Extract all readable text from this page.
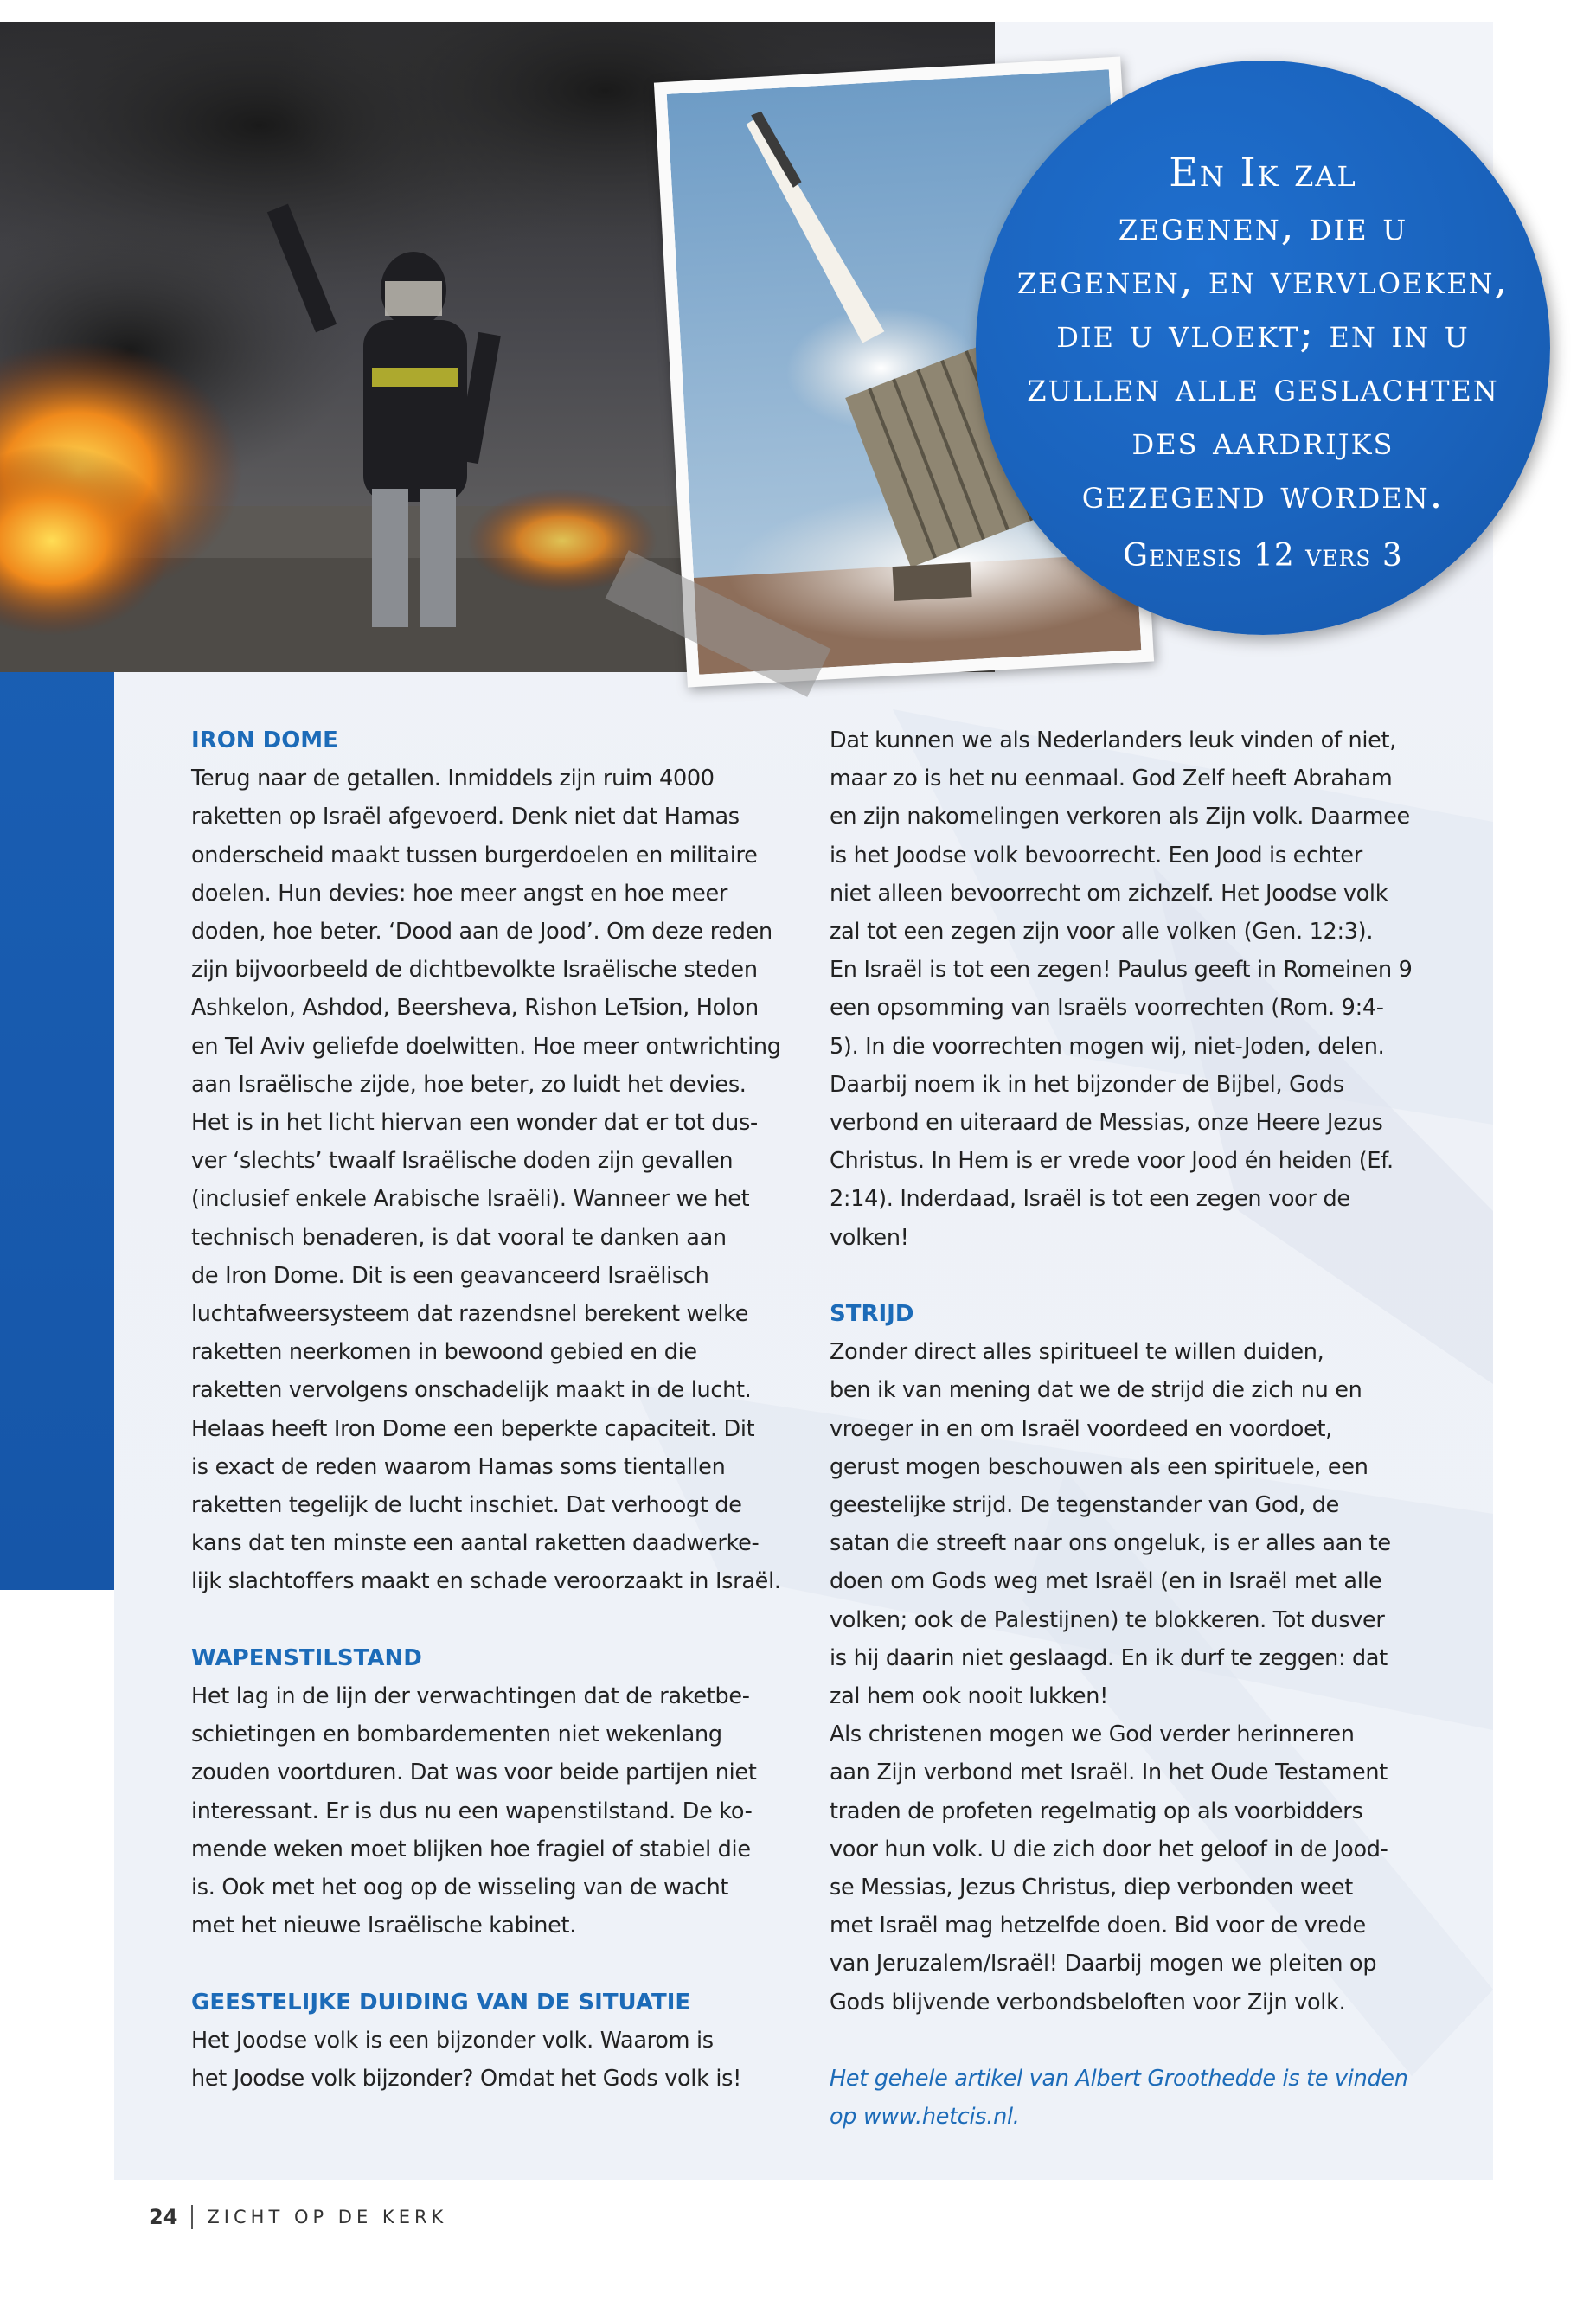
En Ik zal
zegenen, die u
zegenen, en vervloeken,
die u vloekt; en in u
zullen alle geslachten
des aardrijks
gezegend worden.
Genesis 12 vers 3
IRON DOME

Terug naar de getallen. Inmiddels zijn ruim 4000
raketten op Israël afgevoerd. Denk niet dat Hamas
onderscheid maakt tussen burgerdoelen en militaire
doelen. Hun devies: hoe meer angst en hoe meer
doden, hoe beter. ‘Dood aan de Jood’. Om deze reden
zijn bijvoorbeeld de dichtbevolkte Israëlische steden
Ashkelon, Ashdod, Beersheva, Rishon LeTsion, Holon
en Tel Aviv geliefde doelwitten. Hoe meer ontwrichting
aan Israëlische zijde, hoe beter, zo luidt het devies.
Het is in het licht hiervan een wonder dat er tot dus-
ver ‘slechts’ twaalf Israëlische doden zijn gevallen
(inclusief enkele Arabische Israëli). Wanneer we het
technisch benaderen, is dat vooral te danken aan
de Iron Dome. Dit is een geavanceerd Israëlisch
luchtafweersysteem dat razendsnel berekent welke
raketten neerkomen in bewoond gebied en die
raketten vervolgens onschadelijk maakt in de lucht.
Helaas heeft Iron Dome een beperkte capaciteit. Dit
is exact de reden waarom Hamas soms tientallen
raketten tegelijk de lucht inschiet. Dat verhoogt de
kans dat ten minste een aantal raketten daadwerke-
lijk slachtoffers maakt en schade veroorzaakt in Israël.

WAPENSTILSTAND

Het lag in de lijn der verwachtingen dat de raketbe-
schietingen en bombardementen niet wekenlang
zouden voortduren. Dat was voor beide partijen niet
interessant. Er is dus nu een wapenstilstand. De ko-
mende weken moet blijken hoe fragiel of stabiel die
is. Ook met het oog op de wisseling van de wacht
met het nieuwe Israëlische kabinet.

GEESTELIJKE DUIDING VAN DE SITUATIE

Het Joodse volk is een bijzonder volk. Waarom is
het Joodse volk bijzonder? Omdat het Gods volk is!

Dat kunnen we als Nederlanders leuk vinden of niet,
maar zo is het nu eenmaal. God Zelf heeft Abraham
en zijn nakomelingen verkoren als Zijn volk. Daarmee
is het Joodse volk bevoorrecht. Een Jood is echter
niet alleen bevoorrecht om zichzelf. Het Joodse volk
zal tot een zegen zijn voor alle volken (Gen. 12:3).
En Israël is tot een zegen! Paulus geeft in Romeinen 9
een opsomming van Israëls voorrechten (Rom. 9:4-
5). In die voorrechten mogen wij, niet-Joden, delen.
Daarbij noem ik in het bijzonder de Bijbel, Gods
verbond en uiteraard de Messias, onze Heere Jezus
Christus. In Hem is er vrede voor Jood én heiden (Ef.
2:14). Inderdaad, Israël is tot een zegen voor de volken!

STRIJD

Zonder direct alles spiritueel te willen duiden,
ben ik van mening dat we de strijd die zich nu en
vroeger in en om Israël voordeed en voordoet,
gerust mogen beschouwen als een spirituele, een
geestelijke strijd. De tegenstander van God, de
satan die streeft naar ons ongeluk, is er alles aan te
doen om Gods weg met Israël (en in Israël met alle
volken; ook de Palestijnen) te blokkeren. Tot dusver
is hij daarin niet geslaagd. En ik durf te zeggen: dat
zal hem ook nooit lukken!
Als christenen mogen we God verder herinneren
aan Zijn verbond met Israël. In het Oude Testament
traden de profeten regelmatig op als voorbidders
voor hun volk. U die zich door het geloof in de Jood-
se Messias, Jezus Christus, diep verbonden weet
met Israël mag hetzelfde doen. Bid voor de vrede
van Jeruzalem/Israël! Daarbij mogen we pleiten op
Gods blijvende verbondsbeloften voor Zijn volk.

Het gehele artikel van Albert Groothedde is te vinden
op www.hetcis.nl.

24 ZICHT OP DE KERK
